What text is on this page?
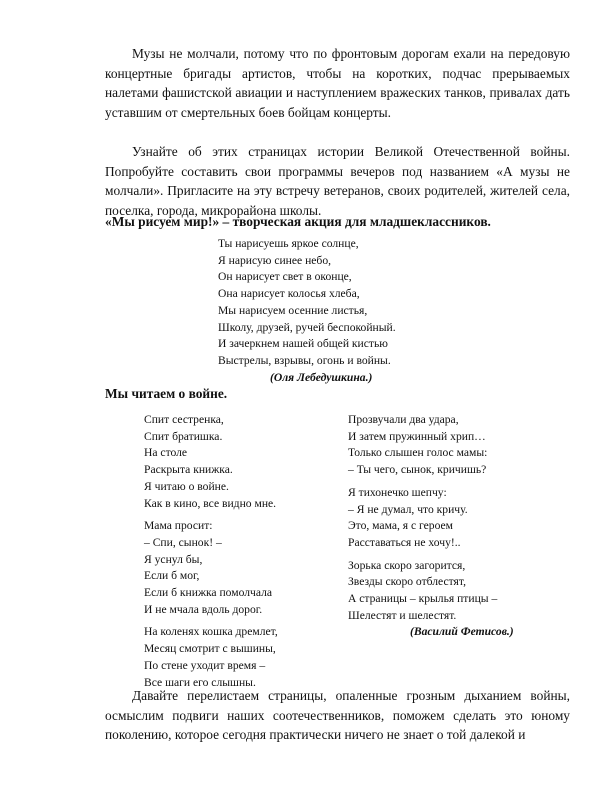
Музы не молчали, потому что по фронтовым дорогам ехали на передовую концертные бригады артистов, чтобы на коротких, подчас прерываемых налетами фашистской авиации и наступлением вражеских танков, привалах дать уставшим от смертельных боев бойцам концерты.

Узнайте об этих страницах истории Великой Отечественной войны. Попробуйте составить свои программы вечеров под названием «А музы не молчали». Пригласите на эту встречу ветеранов, своих родителей, жителей села, поселка, города, микрорайона школы.

«Мы рисуем мир!» – творческая акция для младшеклассников.

Ты нарисуешь яркое солнце,
Я нарисую синее небо,
Он нарисует свет в оконце,
Она нарисует колосья хлеба,
Мы нарисуем осенние листья,
Школу, друзей, ручей беспокойный.
И зачеркнем нашей общей кистью
Выстрелы, взрывы, огонь и войны.
(Оля Лебедушкина.)

Мы читаем о войне.

Спит сестренка,
Спит братишка.
На столе
Раскрыта книжка.
Я читаю о войне.
Как в кино, все видно мне.
Мама просит:
– Спи, сынок! –
Я уснул бы,
Если б мог,
Если б книжка помолчала
И не мчала вдоль дорог.
На коленях кошка дремлет,
Месяц смотрит с вышины,
По стене уходит время –
Все шаги его слышны.
Прозвучали два удара,
И затем пружинный хрип…
Только слышен голос мамы:
– Ты чего, сынок, кричишь?
Я тихонечко шепчу:
– Я не думал, что кричу.
Это, мама, я с героем
Расставаться не хочу!..
Зорька скоро загорится,
Звезды скоро отблестят,
А страницы – крылья птицы –
Шелестят и шелестят.
(Василий Фетисов.)

Давайте перелистаем страницы, опаленные грозным дыханием войны, осмыслим подвиги наших соотечественников, поможем сделать это юному поколению, которое сегодня практически ничего не знает о той далекой и
